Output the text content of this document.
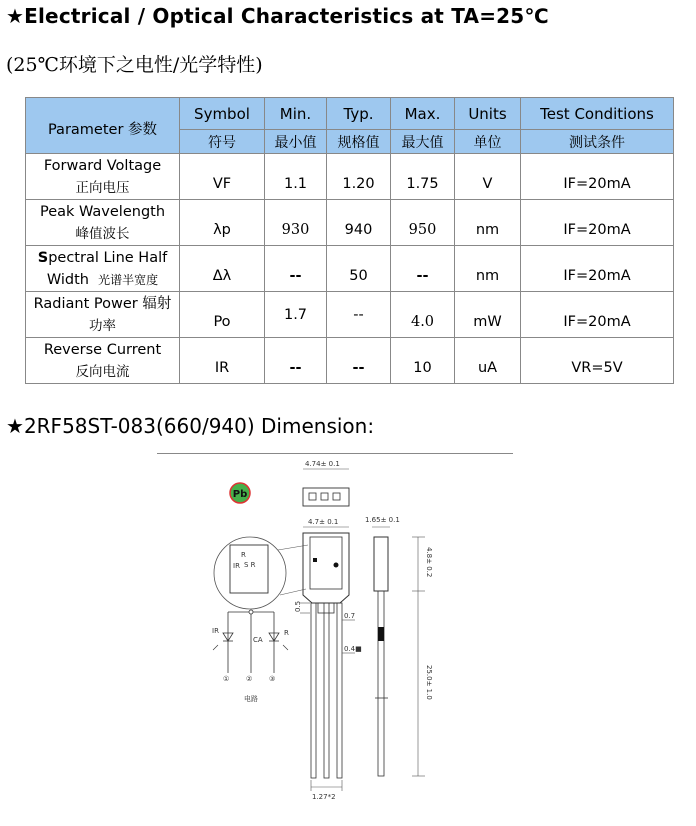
★Electrical / Optical Characteristics at TA=25℃
(25℃环境下之电性/光学特性)
Parameter 参数	Symbol	Min.	Typ.	Max.	Units	Test Conditions
	符号	最小值	规格值	最大值	单位	测试条件

Forward Voltage
正向电压	VF	1.1	1.20	1.75	V	IF=20mA

Peak Wavelength
峰值波长	λp	930	940	950	nm	IF=20mA

Spectral Line Half
Width 光谱半宽度	Δλ	--	50	--	nm	IF=20mA

Radiant Power 辐射
功率	Po	1.7	--	4.0	mW	IF=20mA

Reverse Current
反向电流	IR	--	--	10	uA	VR=5V
★2RF58ST-083(660/940) Dimension:
Pb
4.74± 0.1
4.7± 0.1
0.5
0.7
0.4■
1.27*2
1.65± 0.1
4.8± 0.2
25.0± 1.0
IR
R
S R
IR	R
CA
① ② ③
电路
